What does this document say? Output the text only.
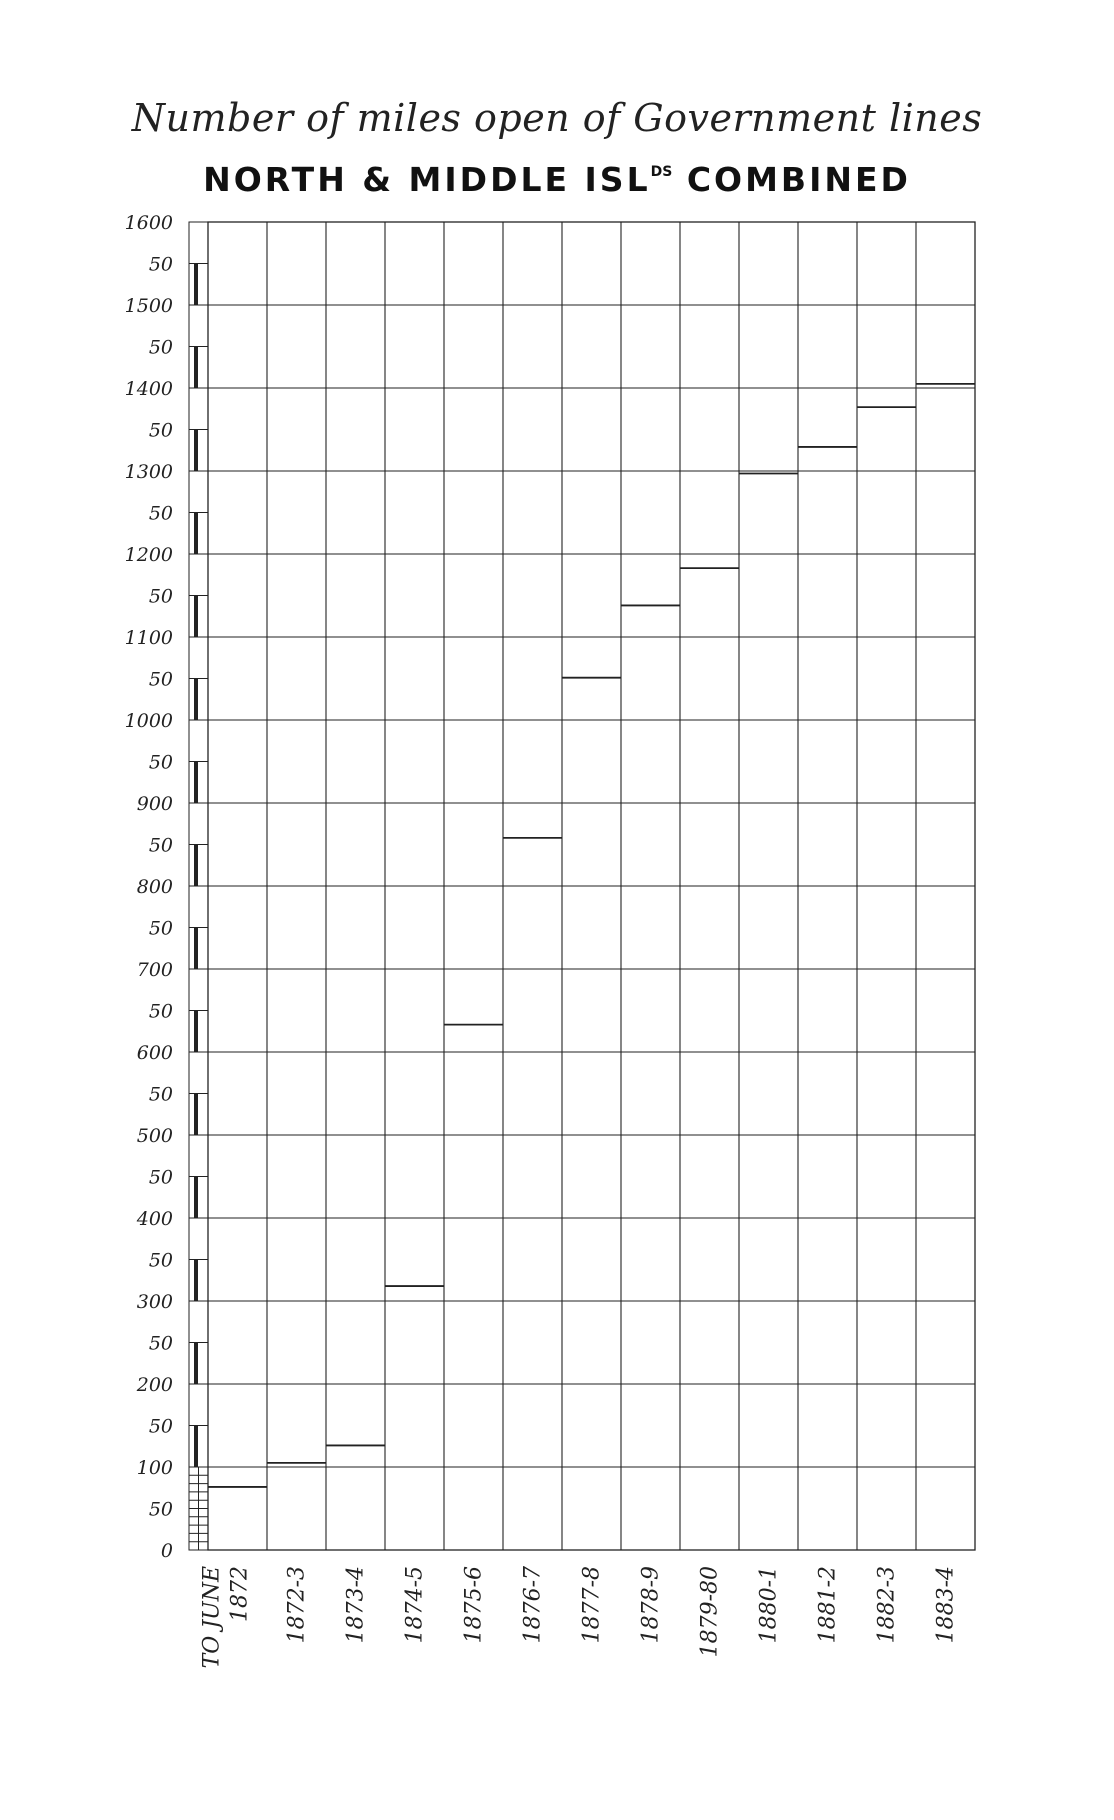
Number of miles open of Government lines
NORTH & MIDDLE $ISL^{DS}$ COMBINED
0
50
100
50
200
50
300
50
400
50
500
50
600
50
700
50
800
50
900
50
1000
50
1100
50
1200
50
1300
50
1400
50
1500
50
1600
TO JUNE 1872 1872-3 1873-4 1874-5 1875-6 1876-7 1877-8 1878-9 1879-80 1880-1 1881-2 1882-3 1883-4
